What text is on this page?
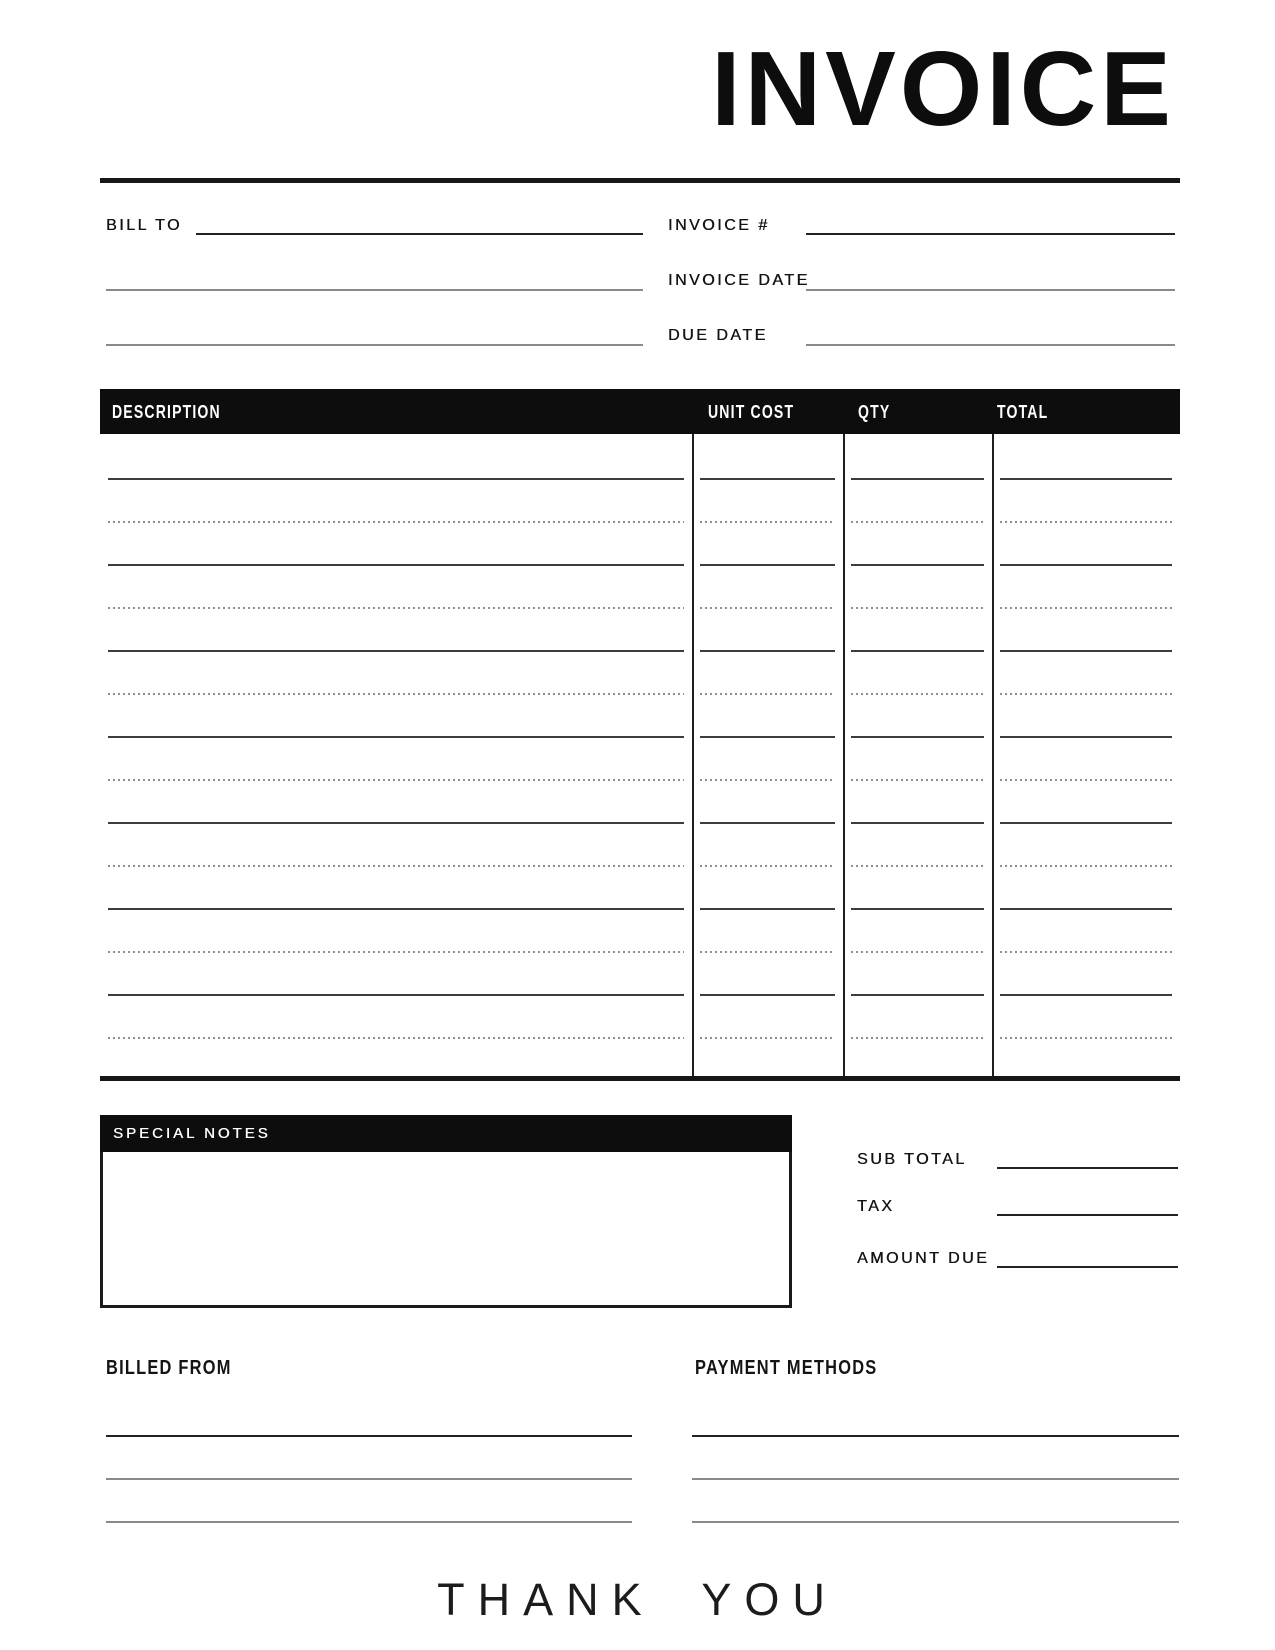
INVOICE
BILL TO	INVOICE #
INVOICE DATE
DUE DATE
DESCRIPTION	UNIT COST	QTY	TOTAL
SPECIAL NOTES
SUB TOTAL
TAX
AMOUNT DUE
BILLED FROM	PAYMENT METHODS
THANK YOU
